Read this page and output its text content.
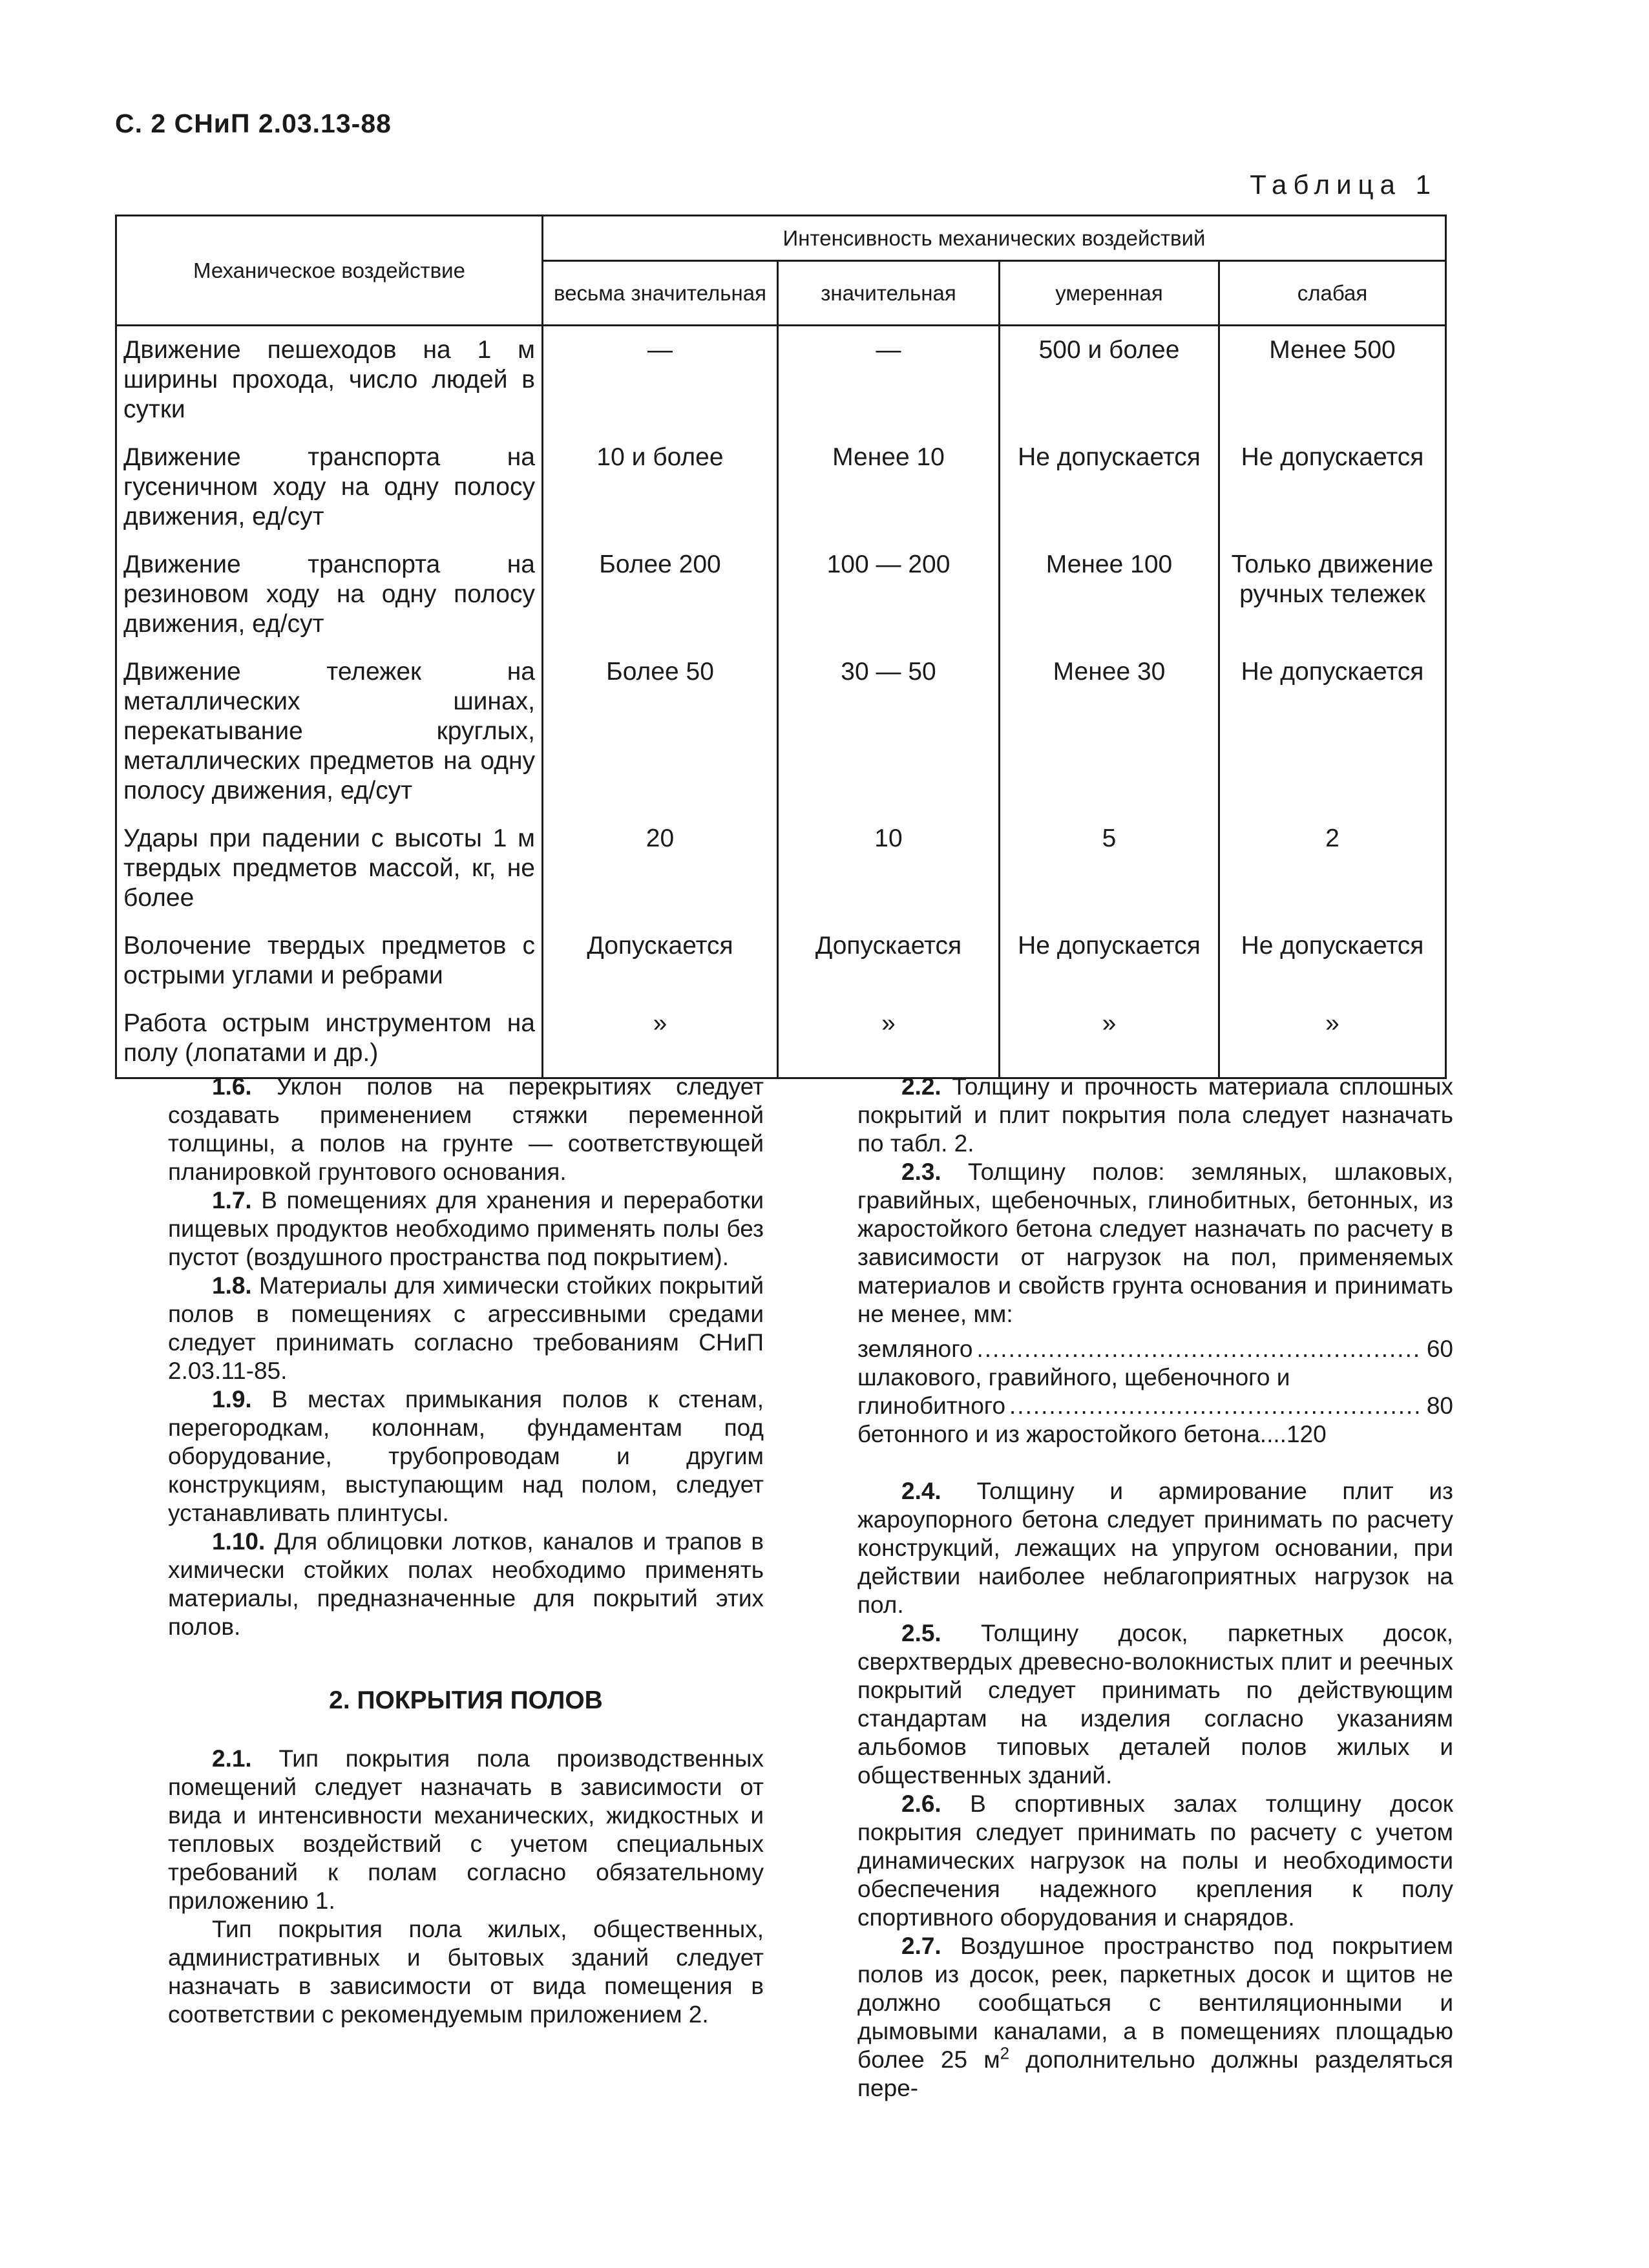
С. 2 СНиП 2.03.13-88
Таблица 1
Механическое воздействие	Интенсивность механических воздействий			
	весьма значительная	значительная	умеренная	слабая
Движение пешеходов на 1 м ширины прохода, число людей в сутки	—	—	500 и более	Менее 500
Движение транспорта на гусеничном ходу на одну полосу движения, ед/сут	10 и более	Менее 10	Не допускается	Не допускается
Движение транспорта на резиновом ходу на одну полосу движения, ед/сут	Более 200	100 — 200	Менее 100	Только движение ручных тележек
Движение тележек на металлических шинах, перекатывание круглых, металлических предметов на одну полосу движения, ед/сут	Более 50	30 — 50	Менее 30	Не допускается
Удары при падении с высоты 1 м твердых предметов массой, кг, не более	20	10	5	2
Волочение твердых предметов с острыми углами и ребрами	Допускается	Допускается	Не допускается	Не допускается
Работа острым инструментом на полу (лопатами и др.)	»	»	»	»

1.6. Уклон полов на перекрытиях следует создавать применением стяжки переменной толщины, а полов на грунте — соответствующей планировкой грунтового основания.

1.7. В помещениях для хранения и переработки пищевых продуктов необходимо применять полы без пустот (воздушного пространства под покрытием).

1.8. Материалы для химически стойких покрытий полов в помещениях с агрессивными средами следует принимать согласно требованиям СНиП 2.03.11-85.

1.9. В местах примыкания полов к стенам, перегородкам, колоннам, фундаментам под оборудование, трубопроводам и другим конструкциям, выступающим над полом, следует устанавливать плинтусы.

1.10. Для облицовки лотков, каналов и трапов в химически стойких полах необходимо применять материалы, предназначенные для покрытий этих полов.

2. ПОКРЫТИЯ ПОЛОВ

2.1. Тип покрытия пола производственных помещений следует назначать в зависимости от вида и интенсивности механических, жидкостных и тепловых воздействий с учетом специальных требований к полам согласно обязательному приложению 1.

Тип покрытия пола жилых, общественных, административных и бытовых зданий следует назначать в зависимости от вида помещения в соответствии с рекомендуемым приложением 2.

2.2. Толщину и прочность материала сплошных покрытий и плит покрытия пола следует назначать по табл. 2.

2.3. Толщину полов: земляных, шлаковых, гравийных, щебеночных, глинобитных, бетонных, из жаростойкого бетона следует назначать по расчету в зависимости от нагрузок на пол, применяемых материалов и свойств грунта основания и принимать не менее, мм:

земляного .....	60
шлакового, гравийного, щебеночного и
глинобитного .....	80
бетонного и из жаростойкого бетона.... 120

2.4. Толщину и армирование плит из жароупорного бетона следует принимать по расчету конструкций, лежащих на упругом основании, при действии наиболее неблагоприятных нагрузок на пол.

2.5. Толщину досок, паркетных досок, сверхтвердых древесно-волокнистых плит и реечных покрытий следует принимать по действующим стандартам на изделия согласно указаниям альбомов типовых деталей полов жилых и общественных зданий.

2.6. В спортивных залах толщину досок покрытия следует принимать по расчету с учетом динамических нагрузок на полы и необходимости обеспечения надежного крепления к полу спортивного оборудования и снарядов.

2.7. Воздушное пространство под покрытием полов из досок, реек, паркетных досок и щитов не должно сообщаться с вентиляционными и дымовыми каналами, а в помещениях площадью более 25 $м^2$ дополнительно должны разделяться пере-
